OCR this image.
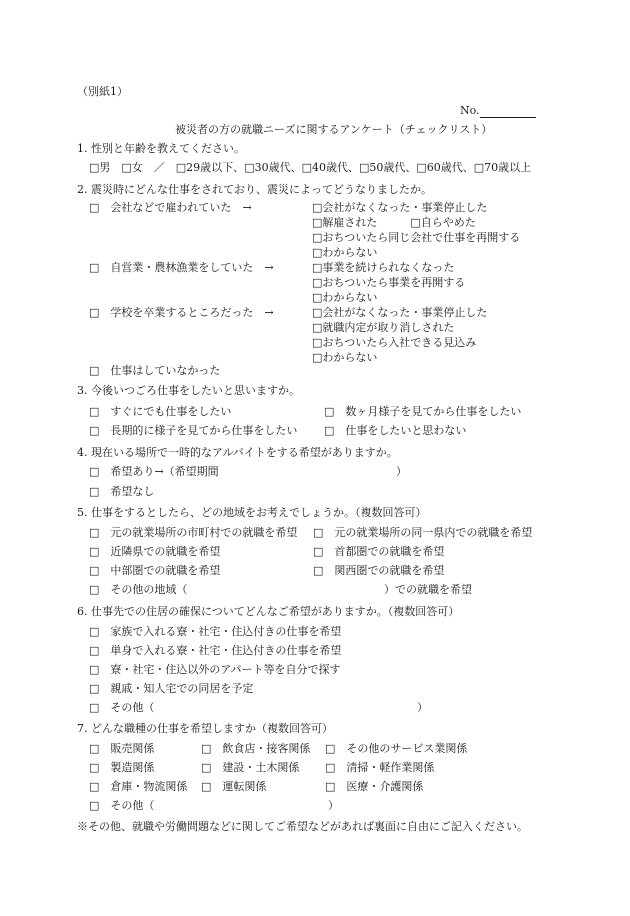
（別紙1）
No.
被災者の方の就職ニーズに関するアンケート（チェックリスト）
1. 性別と年齢を教えてください。
□男　□女　／　□29歳以下、□30歳代、□40歳代、□50歳代、□60歳代、□70歳以上
2. 震災時にどんな仕事をされており、震災によってどうなりましたか。
□　会社などで雇われていた　→	□会社がなくなった・事業停止した
□解雇された　　　□自らやめた
□おちついたら同じ会社で仕事を再開する
□わからない
□　自営業・農林漁業をしていた　→	□事業を続けられなくなった
□おちついたら事業を再開する
□わからない
□　学校を卒業するところだった　→	□会社がなくなった・事業停止した
□就職内定が取り消しされた
□おちついたら入社できる見込み
□わからない
□　仕事はしていなかった
3. 今後いつごろ仕事をしたいと思いますか。
□　すぐにでも仕事をしたい	□　数ヶ月様子を見てから仕事をしたい
□　長期的に様子を見てから仕事をしたい □　仕事をしたいと思わない
4. 現在いる場所で一時的なアルバイトをする希望がありますか。
□　希望あり→（希望期間	）
□　希望なし
5. 仕事をするとしたら、どの地域をお考えでしょうか。（複数回答可）
□　元の就業場所の市町村での就職を希望 □　元の就業場所の同一県内での就職を希望
□　近隣県での就職を希望	□　首都圏での就職を希望
□　中部圏での就職を希望	□　関西圏での就職を希望
□　その他の地域（	）での就職を希望
6. 仕事先での住居の確保についてどんなご希望がありますか。（複数回答可）
□　家族で入れる寮・社宅・住込付きの仕事を希望
□　単身で入れる寮・社宅・住込付きの仕事を希望
□　寮・社宅・住込以外のアパート等を自分で探す
□　親戚・知人宅での同居を予定
□　その他（	）
7. どんな職種の仕事を希望しますか（複数回答可）
□　販売関係	□　飲食店・接客関係 □　その他のサービス業関係
□　製造関係	□　建設・土木関係 □　清掃・軽作業関係
□　倉庫・物流関係 □　運転関係	□　医療・介護関係
□　その他（	）
※その他、就職や労働問題などに関してご希望などがあれば裏面に自由にご記入ください。
